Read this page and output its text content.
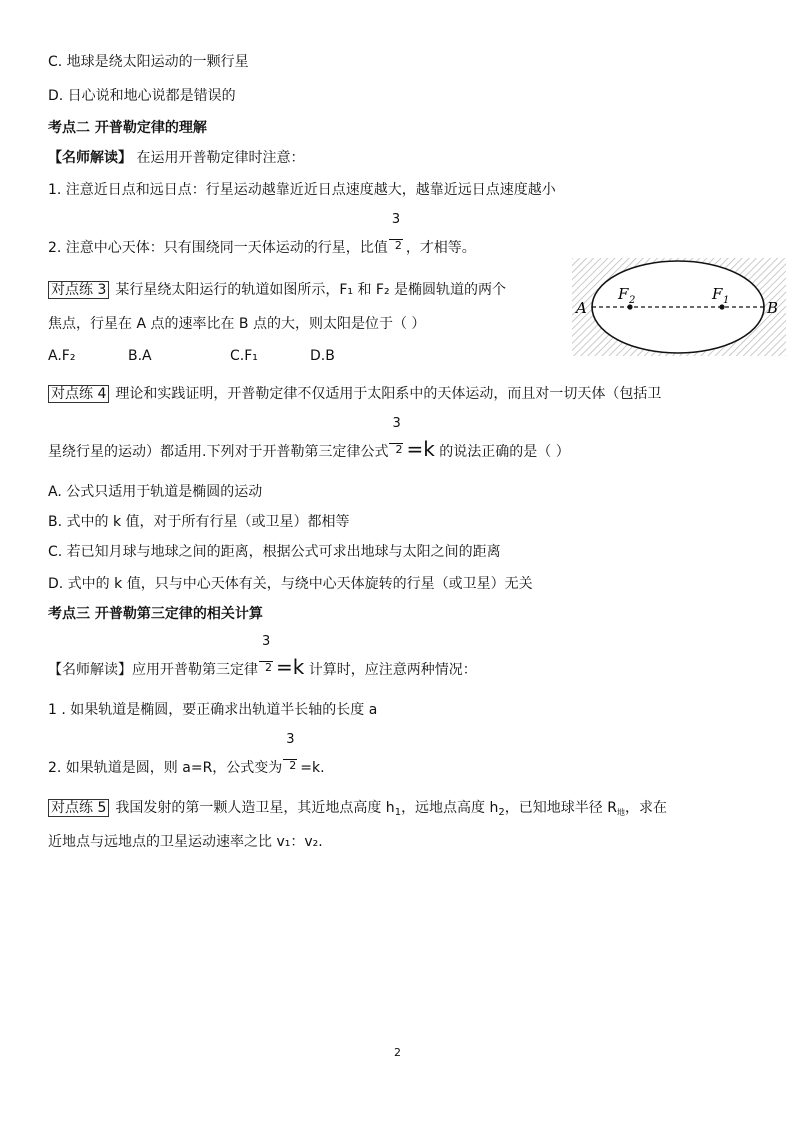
C. 地球是绕太阳运动的一颗行星
D. 日心说和地心说都是错误的
考点二 开普勒定律的理解
【名师解读】 在运用开普勒定律时注意：
1. 注意近日点和远日点：行星运动越靠近近日点速度越大，越靠近远日点速度越小
2. 注意中心天体：只有围绕同一天体运动的行星，比值 $\frac{3}{2}$ ，才相等。
对点练 3 某行星绕太阳运行的轨道如图所示，F₁ 和 F₂ 是椭圆轨道的两个
焦点，行星在 A 点的速率比在 B 点的大，则太阳是位于（ ）
A.F₂	B.A	C.F₁	D.B
A	B
F 2	F 1
对点练 4 理论和实践证明，开普勒定律不仅适用于太阳系中的天体运动，而且对一切天体（包括卫
星绕行星的运动）都适用.下列对于开普勒第三定律公式 $\frac{3}{2} =k$ 的说法正确的是（ ）
A. 公式只适用于轨道是椭圆的运动
B. 式中的 k 值，对于所有行星（或卫星）都相等
C. 若已知月球与地球之间的距离，根据公式可求出地球与太阳之间的距离
D. 式中的 k 值，只与中心天体有关，与绕中心天体旋转的行星（或卫星）无关
考点三 开普勒第三定律的相关计算
【名师解读】应用开普勒第三定律 $\frac{3}{2} =k$ 计算时，应注意两种情况：
1 . 如果轨道是椭圆，要正确求出轨道半长轴的长度 a
2. 如果轨道是圆，则 a=R，公式变为 $\frac{3}{2} =k$.
对点练 5 我国发射的第一颗人造卫星，其近地点高度 $h_1$，远地点高度 $h_2$，已知地球半径 $R_地$，求在
近地点与远地点的卫星运动速率之比 v₁：v₂.
2
